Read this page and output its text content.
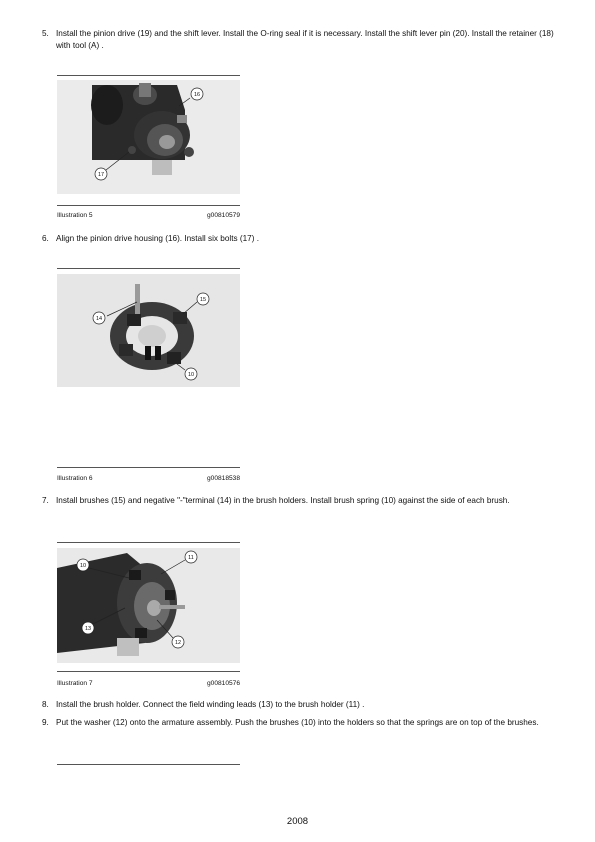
5. Install the pinion drive (19) and the shift lever. Install the O-ring seal if it is necessary. Install the shift lever pin (20). Install the retainer (18) with tool (A) .
16
17
Illustration 5	g00810579
6. Align the pinion drive housing (16). Install six bolts (17) .
14
15
10
Illustration 6	g00818538
7. Install brushes (15) and negative "-"terminal (14) in the brush holders. Install brush spring (10) against the side of each brush.
11
10
13
12
Illustration 7	g00810576
8. Install the brush holder. Connect the field winding leads (13) to the brush holder (11) .
9. Put the washer (12) onto the armature assembly. Push the brushes (10) into the holders so that the springs are on top of the brushes.
2008
